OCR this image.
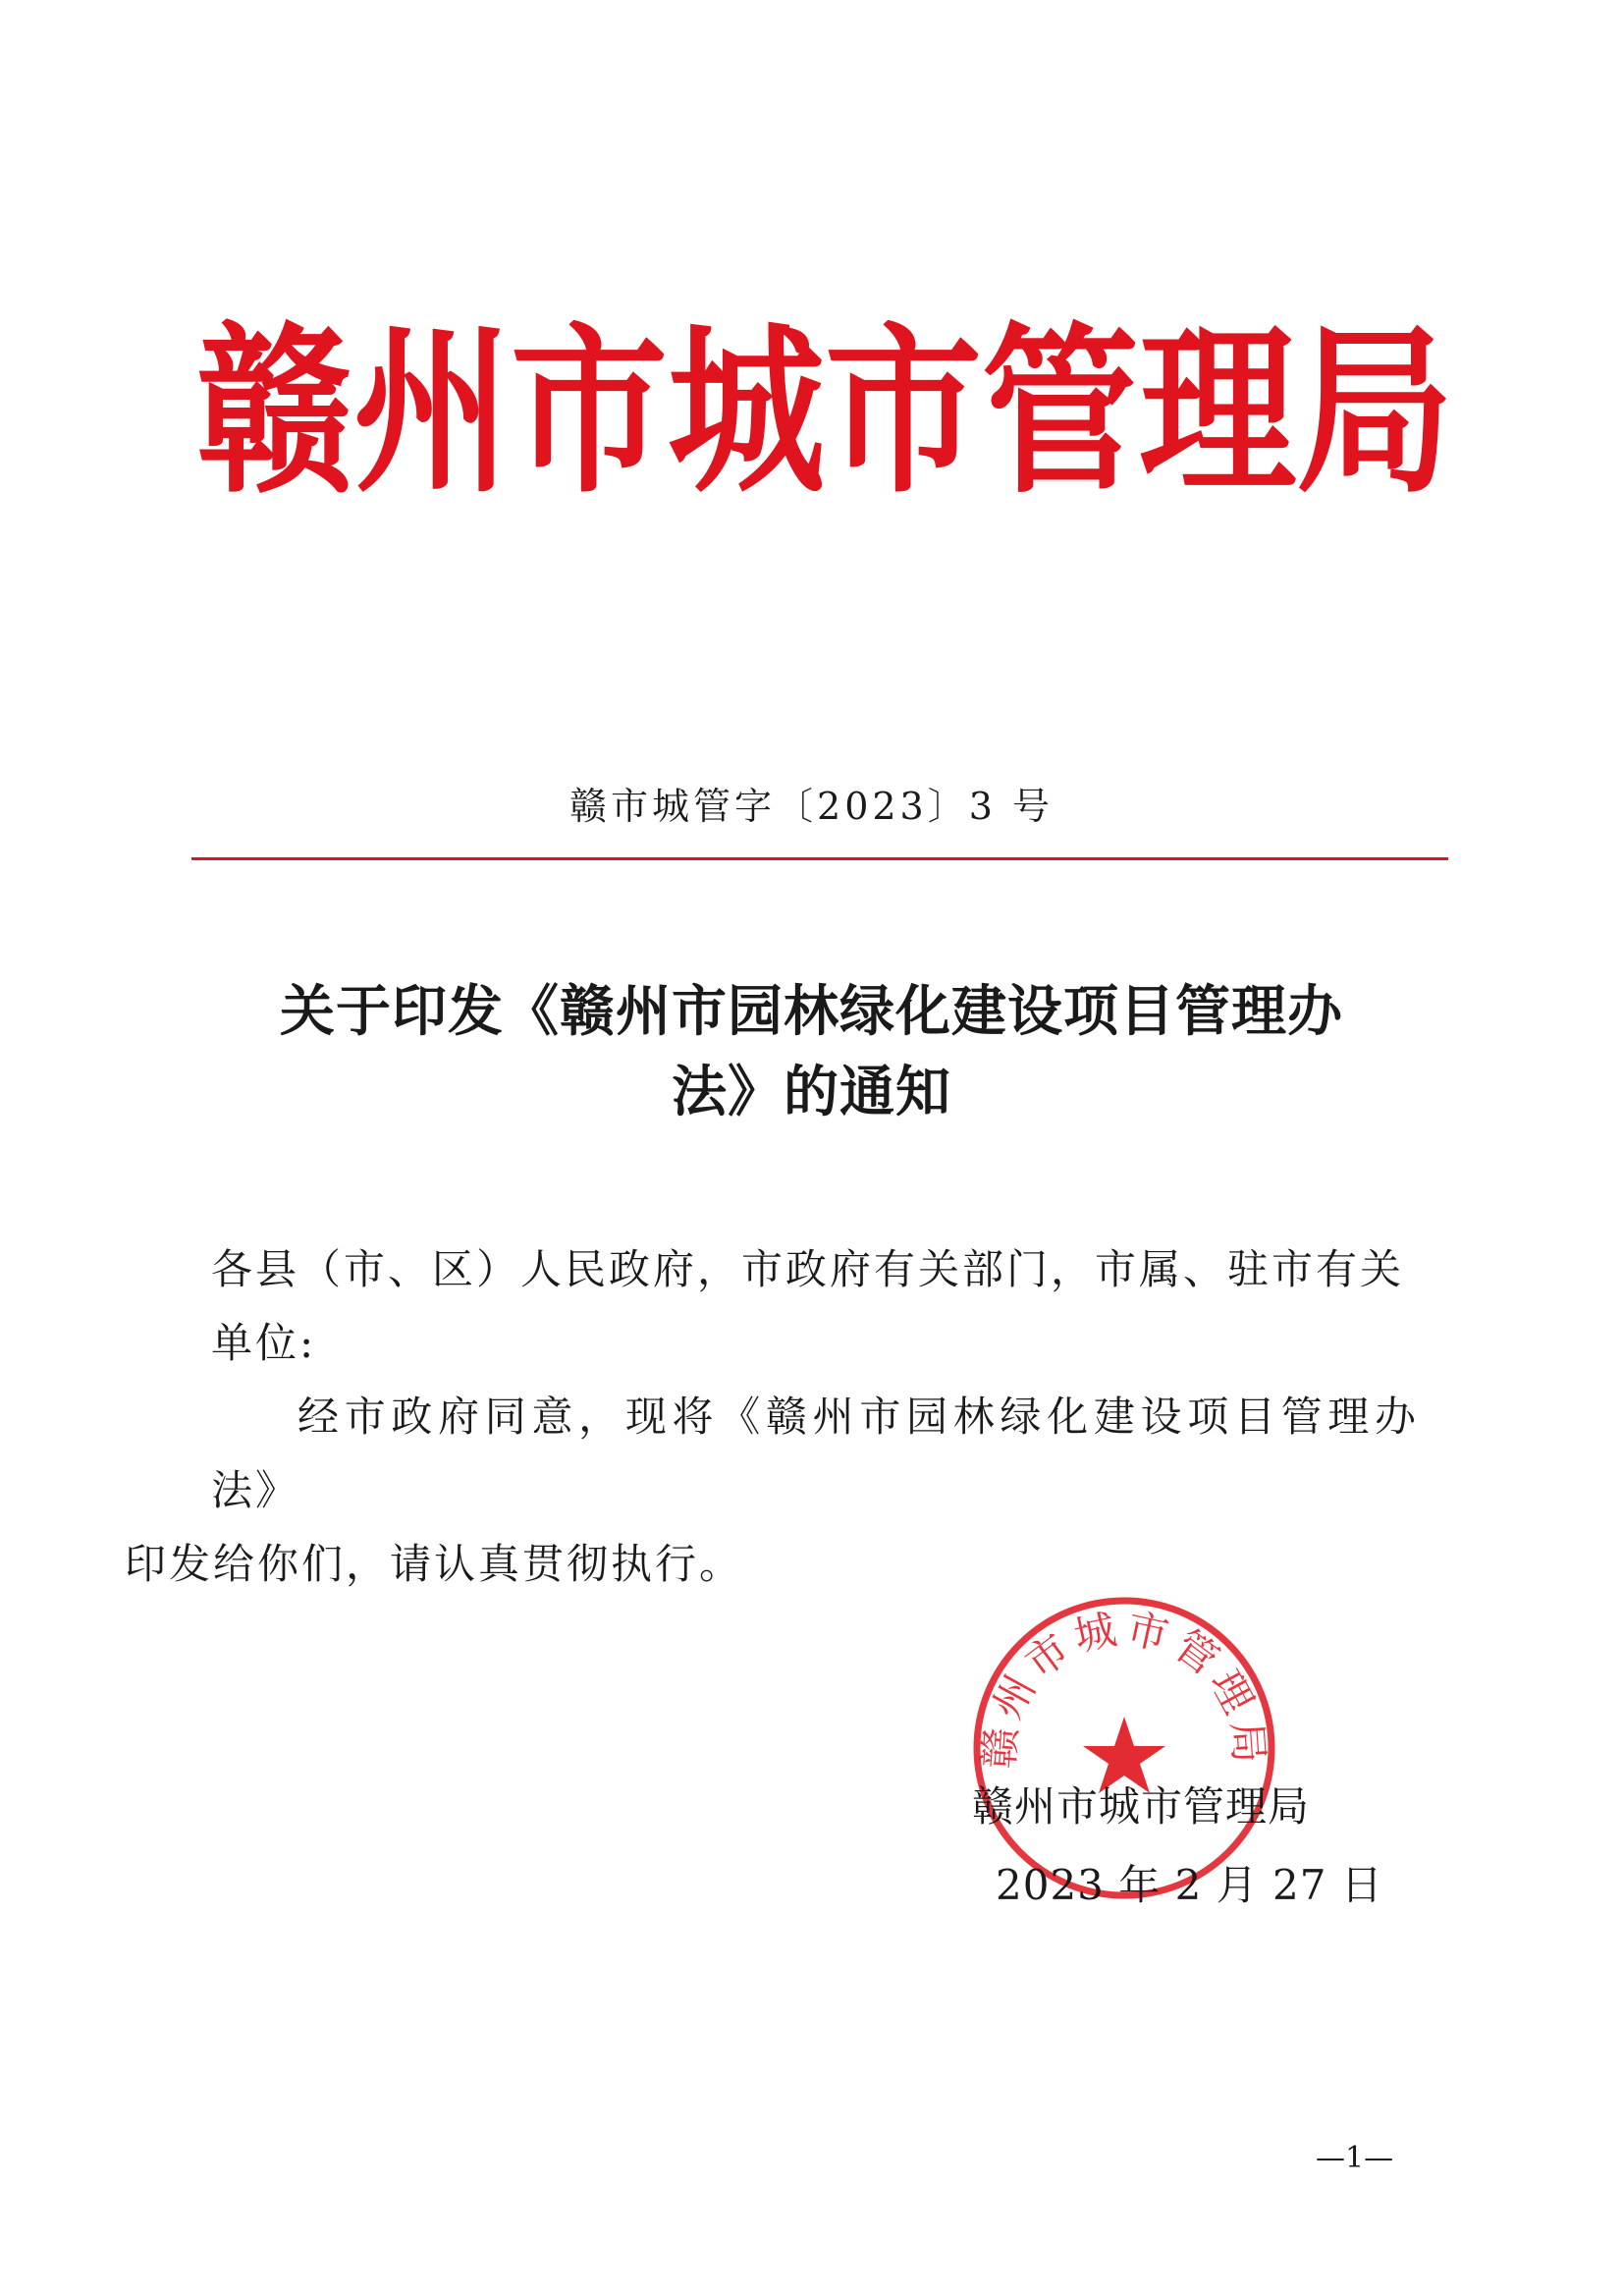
赣 州 市 城 市 管 理 局
赣市城管字〔2023〕3 号
关于印发《赣州市园林绿化建设项目管理办
法》的通知

各县（市、区）人民政府，市政府有关部门，市属、驻市有关
单位:

经市政府同意，现将《赣州市园林绿化建设项目管理办法》
印发给你们，请认真贯彻执行。

赣州市城市管理局
赣州市城市管理局
2023 年 2 月 27 日
—1—
